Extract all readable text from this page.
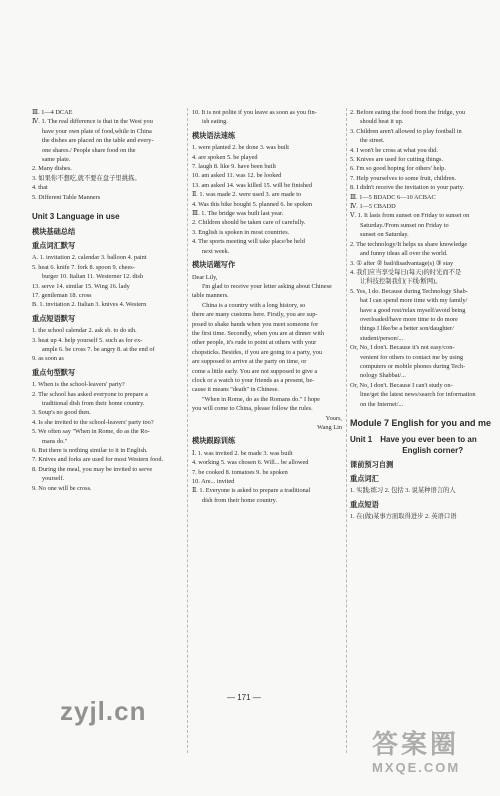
Ⅲ. 1—4 DCAE
Ⅳ. 1. The real difference is that in the West you
have your own plate of food,while in China
the dishes are placed on the table and every-
one shares./ People share food on the
same plate.
2. Many dishes.
3. 如果你不想吃,就不要在盘子里挑拣。
4. that
5. Different Table Manners
Unit 3 Language in use
模块基础总结
重点词汇默写
A. 1. invitation 2. calendar 3. balloon 4. paint
5. heat 6. knife 7. fork 8. spoon 9. chees-
burger 10. Italian 11. Westerner 12. dish
13. serve 14. similar 15. Wing 16. lady
17. gentleman 18. cross
B. 1. invitation 2. Italian 3. knives 4. Western
重点短语默写
1. the school calendar 2. ask sb. to do sth.
3. heat up 4. help yourself 5. such as for ex-
ample 6. be cross 7. be angry 8. at the end of
9. as soon as
重点句型默写
1. When is the school-leavers' party?
2. The school has asked everyone to prepare a
traditional dish from their home country.
3. Soup's no good then.
4. Is she invited to the school-leavers' party too?
5. We often say "When in Rome, do as the Ro-
mans do."
6. But there is nothing similar to it in English.
7. Knives and forks are used for most Western food.
8. During the meal, you may be invited to serve
yourself.
9. No one will be cross.
10. It is not polite if you leave as soon as you fin-
ish eating.
模块语法速练
1. were planted 2. be done 3. was built
4. are spoken 5. be played
7. laugh 8. like 9. have been built
10. am asked 11. was 12. be looked
13. am asked 14. was killed 15. will be finished
Ⅱ. 1. was made 2. were used 3. are made to
4. Was this bike bought 5. planned 6. be spoken
Ⅲ. 1. The bridge was built last year.
2. Children should be taken care of carefully.
3. English is spoken in most countries.
4. The sports meeting will take place/be held
next week.
模块话题写作
Dear Lily,
I'm glad to receive your letter asking about Chinese
table manners.
China is a country with a long history, so
there are many customs here. Firstly, you are sup-
posed to shake hands when you meet someone for
the first time. Secondly, when you are at dinner with
other people, it's rude to point at others with your
chopsticks. Besides, if you are going to a party, you
are supposed to arrive at the party on time, or
come a little early. You are not supposed to give a
clock or a watch to your friends as a present, be-
cause it means "death" in Chinese.
"When in Rome, do as the Romans do." I hope
you will come to China, please follow the rules.
Yours,
Wang Lin
模块跟踪训练
Ⅰ. 1. was invited 2. be made 3. was built
4. working 5. was chosen 6. Will... be allowed
7. be cooked 8. tomatoes 9. be spoken
10. Are... invited
Ⅱ. 1. Everyone is asked to prepare a traditional
dish from their home country.
2. Before eating the food from the fridge, you
should heat it up.
3. Children aren't allowed to play football in
the street.
4. I won't be cross at what you did.
5. Knives are used for cutting things.
6. I'm so good hoping for others' help.
7. Help yourselves to some fruit, children.
8. I didn't receive the invitation to your party.
Ⅲ. 1—5 BDADC 6—10 ACBAC
Ⅳ. 1—5 CBADD
Ⅴ. 1. It lasts from sunset on Friday to sunset on
Saturday./From sunset on Friday to
sunset on Saturday.
2. The technology/It helps us share knowledge
and funny ideas all over the world.
3. ① after ② bad/disadvantage(s) ③ stay
4. 我们应当享受每日(每天)的时光而不是
让科技控制我们(下线/断网)。
5. Yes, I do. Because during Technology Shab-
bat I can spend more time with my family/
have a good rest/relax myself/avoid being
overloaded/have more time to do more
things I like/be a better son/daughter/
student/person/...
Or, No, I don't. Because it's not easy/con-
venient for others to contact me by using
computers or mobile phones during Tech-
nology Shabbat/...
Or, No, I don't. Because I can't study on-
line/get the latest news/search for information
on the Internet/...
Module 7 English for you and me
Unit 1 Have you ever been to an
English corner?
课前预习自测
重点词汇
1. 实践;练习 2. 包括 3. 说某种语言的人
重点短语
1. 在(做)某事方面取得进步 2. 英语口语
— 171 —
zyjl.cn
答案圈
MXQE.COM
